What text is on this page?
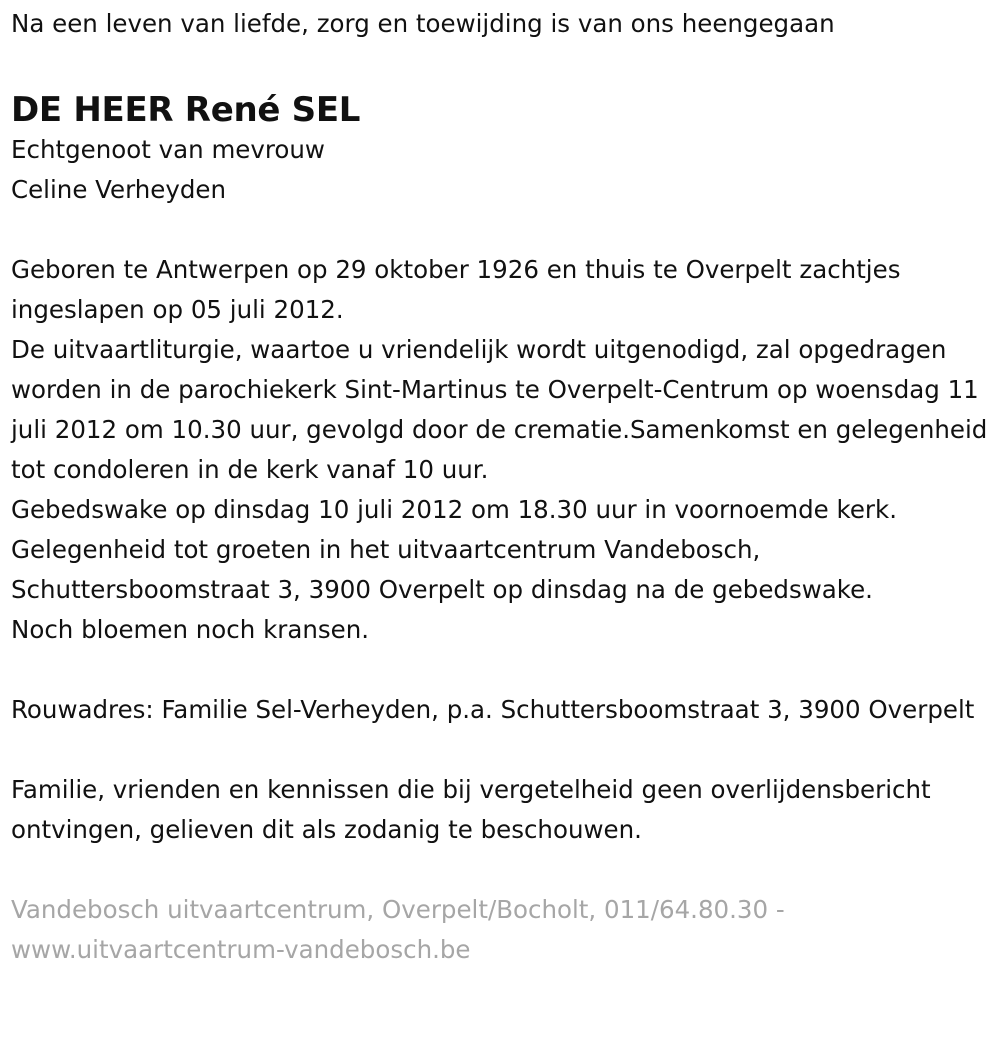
Na een leven van liefde, zorg en toewijding is van ons heengegaan

DE HEER René SEL

Echtgenoot van mevrouw
Celine Verheyden

Geboren te Antwerpen op 29 oktober 1926 en thuis te Overpelt zachtjes ingeslapen op 05 juli 2012.

De uitvaartliturgie, waartoe u vriendelijk wordt uitgenodigd, zal opgedragen worden in de parochiekerk Sint-Martinus te Overpelt-Centrum op woensdag 11 juli 2012 om 10.30 uur, gevolgd door de crematie.Samenkomst en gelegenheid tot condoleren in de kerk vanaf 10 uur.

Gebedswake op dinsdag 10 juli 2012 om 18.30 uur in voornoemde kerk.

Gelegenheid tot groeten in het uitvaartcentrum Vandebosch, Schuttersboomstraat 3, 3900 Overpelt op dinsdag na de gebedswake.

Noch bloemen noch kransen.

Rouwadres: Familie Sel-Verheyden, p.a. Schuttersboomstraat 3, 3900 Overpelt

Familie, vrienden en kennissen die bij vergetelheid geen overlijdensbericht ontvingen, gelieven dit als zodanig te beschouwen.

Vandebosch uitvaartcentrum, Overpelt/Bocholt, 011/64.80.30 -
www.uitvaartcentrum-vandebosch.be
